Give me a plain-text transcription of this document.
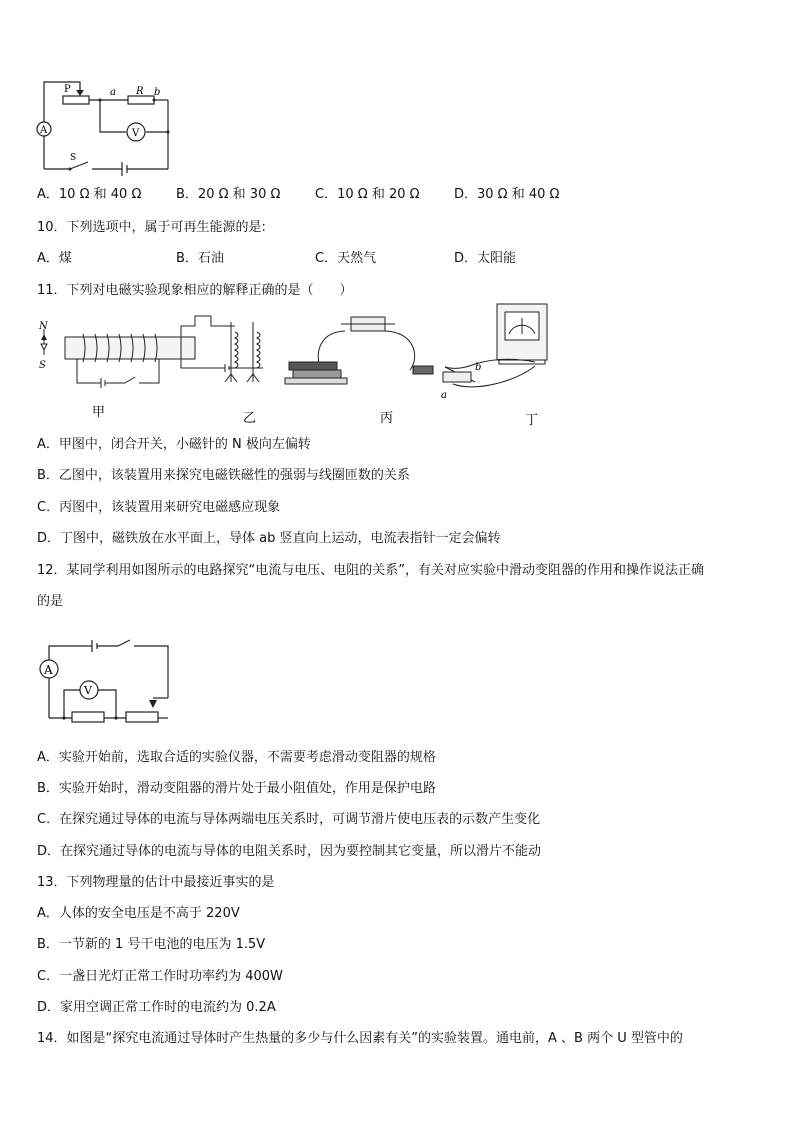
P	a R b
A	V
S
A．10 Ω 和 40 Ω	B．20 Ω 和 30 Ω	C．10 Ω 和 20 Ω	D．30 Ω 和 40 Ω
10．下列选项中，属于可再生能源的是:
A．煤	B．石油	C．天然气	D．太阳能
11．下列对电磁实验现象相应的解释正确的是（　　）
N
S
a
b
甲	乙	丙	丁
A．甲图中，闭合开关，小磁针的 N 极向左偏转
B．乙图中，该装置用来探究电磁铁磁性的强弱与线圈匝数的关系
C．丙图中，该装置用来研究电磁感应现象
D．丁图中，磁铁放在水平面上，导体 ab 竖直向上运动，电流表指针一定会偏转
12．某同学利用如图所示的电路探究“电流与电压、电阻的关系”，有关对应实验中滑动变阻器的作用和操作说法正确
的是
A
V
A．实验开始前，选取合适的实验仪器，不需要考虑滑动变阻器的规格
B．实验开始时，滑动变阻器的滑片处于最小阻值处，作用是保护电路
C．在探究通过导体的电流与导体两端电压关系时，可调节滑片使电压表的示数产生变化
D．在探究通过导体的电流与导体的电阻关系时，因为要控制其它变量，所以滑片不能动
13．下列物理量的估计中最接近事实的是
A．人体的安全电压是不高于 220V
B．一节新的 1 号干电池的电压为 1.5V
C．一盏日光灯正常工作时功率约为 400W
D．家用空调正常工作时的电流约为 0.2A
14．如图是“探究电流通过导体时产生热量的多少与什么因素有关”的实验装置。通电前，A 、B 两个 U 型管中的
